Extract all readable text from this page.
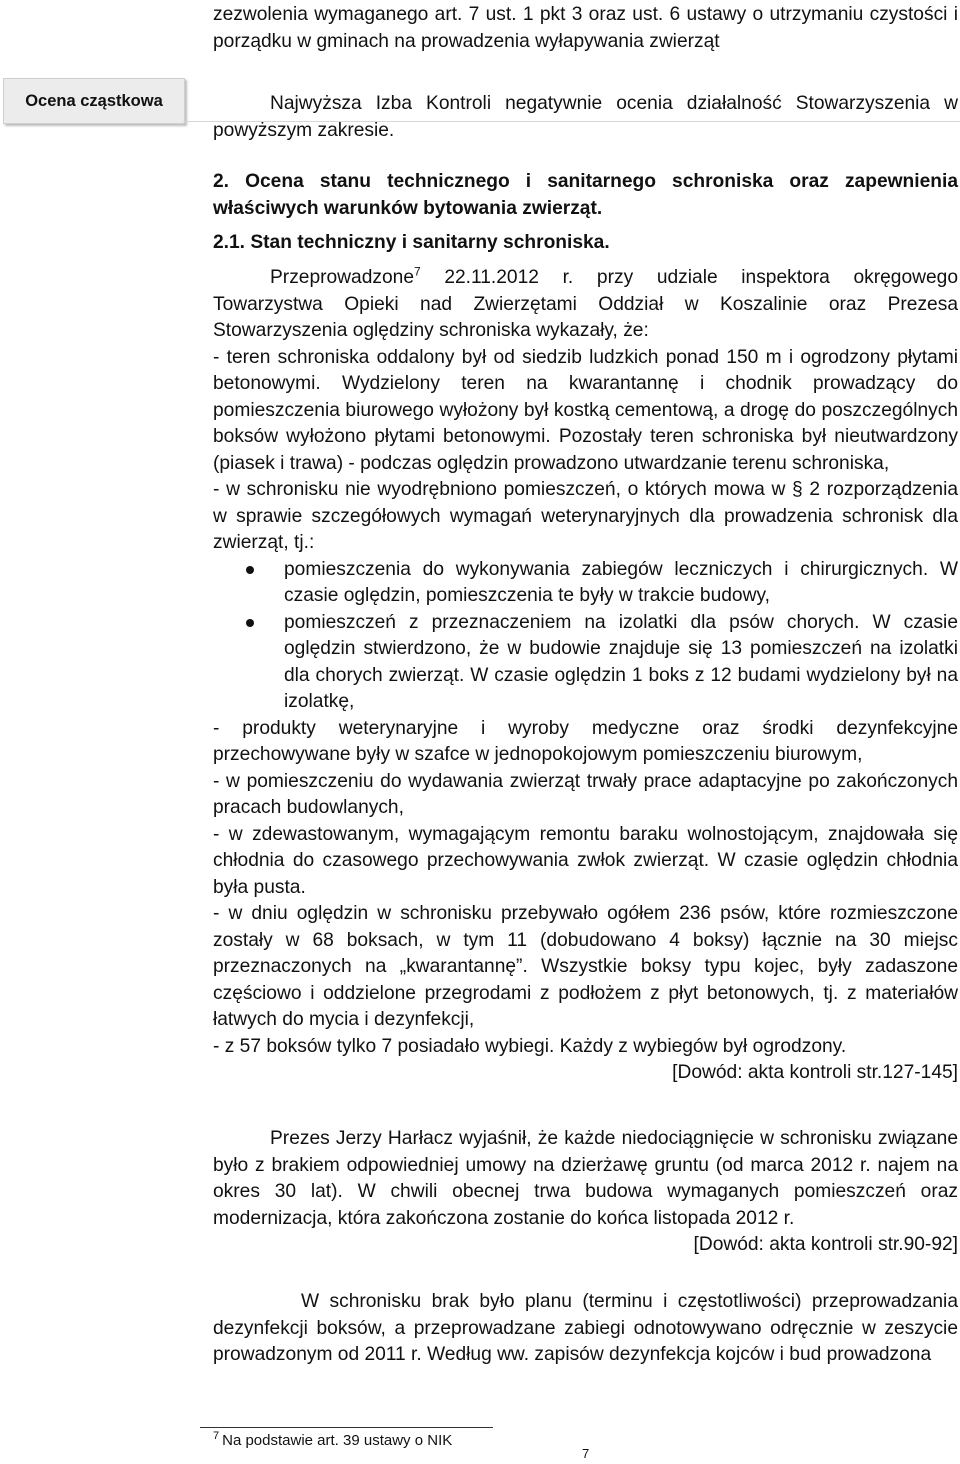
zezwolenia wymaganego art. 7 ust. 1 pkt 3 oraz ust. 6 ustawy o utrzymaniu czystości i porządku w gminach na prowadzenia wyłapywania zwierząt

Ocena cząstkowa	Najwyższa Izba Kontroli negatywnie ocenia działalność Stowarzyszenia w powyższym zakresie.

2. Ocena stanu technicznego i sanitarnego schroniska oraz zapewnienia właściwych warunków bytowania zwierząt.

2.1. Stan techniczny i sanitarny schroniska.

Przeprowadzone$^7$ 22.11.2012 r. przy udziale inspektora okręgowego Towarzystwa Opieki nad Zwierzętami Oddział w Koszalinie oraz Prezesa Stowarzyszenia oględziny schroniska wykazały, że:

- teren schroniska oddalony był od siedzib ludzkich ponad 150 m i ogrodzony płytami betonowymi. Wydzielony teren na kwarantannę i chodnik prowadzący do pomieszczenia biurowego wyłożony był kostką cementową, a drogę do poszczególnych boksów wyłożono płytami betonowymi. Pozostały teren schroniska był nieutwardzony (piasek i trawa) - podczas oględzin prowadzono utwardzanie terenu schroniska,

- w schronisku nie wyodrębniono pomieszczeń, o których mowa w § 2 rozporządzenia w sprawie szczegółowych wymagań weterynaryjnych dla prowadzenia schronisk dla zwierząt, tj.:

pomieszczenia do wykonywania zabiegów leczniczych i chirurgicznych. W czasie oględzin, pomieszczenia te były w trakcie budowy,
pomieszczeń z przeznaczeniem na izolatki dla psów chorych. W czasie oględzin stwierdzono, że w budowie znajduje się 13 pomieszczeń na izolatki dla chorych zwierząt. W czasie oględzin 1 boks z 12 budami wydzielony był na izolatkę,

- produkty weterynaryjne i wyroby medyczne oraz środki dezynfekcyjne przechowywane były w szafce w jednopokojowym pomieszczeniu biurowym,

- w pomieszczeniu do wydawania zwierząt trwały prace adaptacyjne po zakończonych pracach budowlanych,

- w zdewastowanym, wymagającym remontu baraku wolnostojącym, znajdowała się chłodnia do czasowego przechowywania zwłok zwierząt. W czasie oględzin chłodnia była pusta.

- w dniu oględzin w schronisku przebywało ogółem 236 psów, które rozmieszczone zostały w 68 boksach, w tym 11 (dobudowano 4 boksy) łącznie na 30 miejsc przeznaczonych na „kwarantannę”. Wszystkie boksy typu kojec, były zadaszone częściowo i oddzielone przegrodami z podłożem z płyt betonowych, tj. z materiałów łatwych do mycia i dezynfekcji,

- z 57 boksów tylko 7 posiadało wybiegi. Każdy z wybiegów był ogrodzony.

[Dowód: akta kontroli str.127-145]

Prezes Jerzy Harłacz wyjaśnił, że każde niedociągnięcie w schronisku związane było z brakiem odpowiedniej umowy na dzierżawę gruntu (od marca 2012 r. najem na okres 30 lat). W chwili obecnej trwa budowa wymaganych pomieszczeń oraz modernizacja, która zakończona zostanie do końca listopada 2012 r.

[Dowód: akta kontroli str.90-92]

W schronisku brak było planu (terminu i częstotliwości) przeprowadzania dezynfekcji boksów, a przeprowadzane zabiegi odnotowywano odręcznie w zeszycie prowadzonym od 2011 r. Według ww. zapisów dezynfekcja kojców i bud prowadzona

$^7$ Na podstawie art. 39 ustawy o NIK
7
